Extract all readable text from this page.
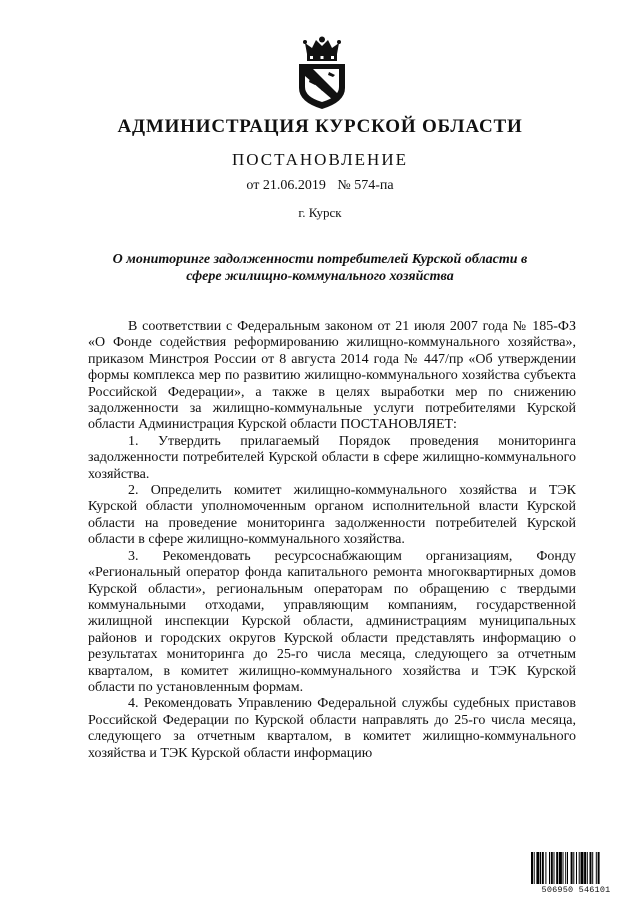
АДМИНИСТРАЦИЯ КУРСКОЙ ОБЛАСТИ
ПОСТАНОВЛЕНИЕ
от 21.06.2019 № 574-па
г. Курск
О мониторинге задолженности потребителей Курской области в сфере жилищно-коммунального хозяйства

В соответствии с Федеральным законом от 21 июля 2007 года № 185-ФЗ «О Фонде содействия реформированию жилищно-коммунального хозяйства», приказом Минстроя России от 8 августа 2014 года № 447/пр «Об утверждении формы комплекса мер по развитию жилищно-коммунального хозяйства субъекта Российской Федерации», а также в целях выработки мер по снижению задолженности за жилищно-коммунальные услуги потребителями Курской области Администрация Курской области ПОСТАНОВЛЯЕТ:

1. Утвердить прилагаемый Порядок проведения мониторинга задолженности потребителей Курской области в сфере жилищно-коммунального хозяйства.

2. Определить комитет жилищно-коммунального хозяйства и ТЭК Курской области уполномоченным органом исполнительной власти Курской области на проведение мониторинга задолженности потребителей Курской области в сфере жилищно-коммунального хозяйства.

3. Рекомендовать ресурсоснабжающим организациям, Фонду «Региональный оператор фонда капитального ремонта многоквартирных домов Курской области», региональным операторам по обращению с твердыми коммунальными отходами, управляющим компаниям, государственной жилищной инспекции Курской области, администрациям муниципальных районов и городских округов Курской области представлять информацию о результатах мониторинга до 25-го числа месяца, следующего за отчетным кварталом, в комитет жилищно-коммунального хозяйства и ТЭК Курской области по установленным формам.

4. Рекомендовать Управлению Федеральной службы судебных приставов Российской Федерации по Курской области направлять до 25-го числа месяца, следующего за отчетным кварталом, в комитет жилищно-коммунального хозяйства и ТЭК Курской области информацию

506950 546101
